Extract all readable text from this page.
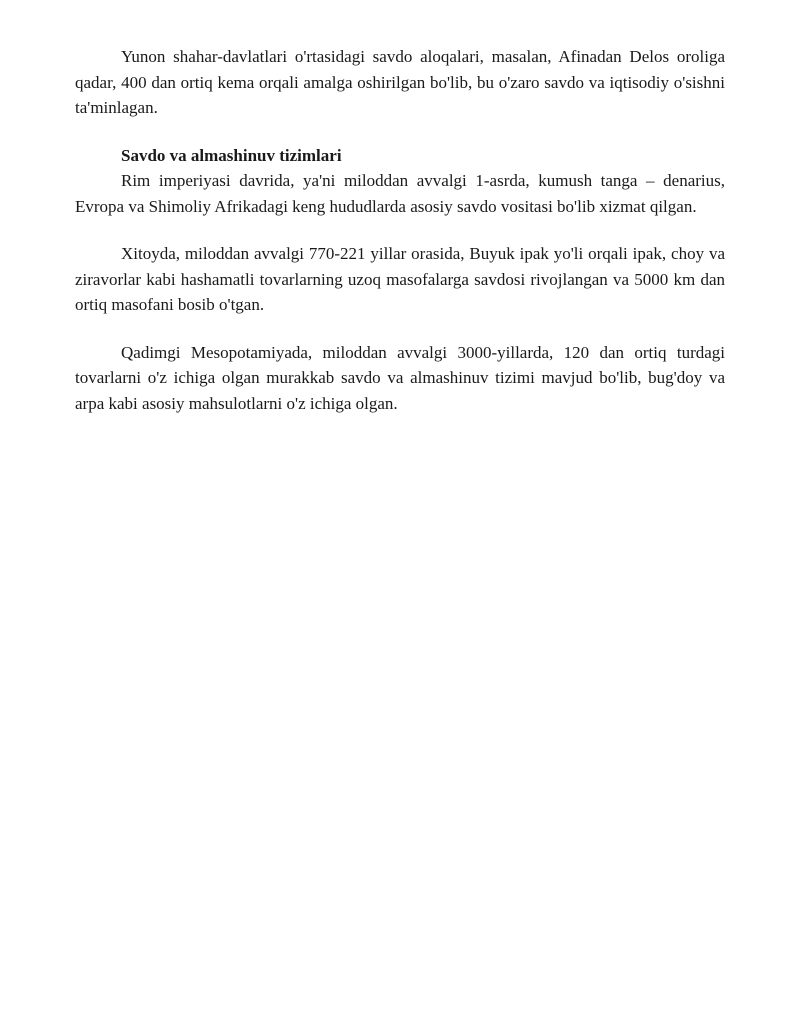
Yunon shahar-davlatlari o'rtasidagi savdo aloqalari, masalan, Afinadan Delos oroliga qadar, 400 dan ortiq kema orqali amalga oshirilgan bo'lib, bu o'zaro savdo va iqtisodiy o'sishni ta'minlagan.

Savdo va almashinuv tizimlari

Rim imperiyasi davrida, ya'ni miloddan avvalgi 1-asrda, kumush tanga – denarius, Evropa va Shimoliy Afrikadagi keng hududlarda asosiy savdo vositasi bo'lib xizmat qilgan.

Xitoyda, miloddan avvalgi 770-221 yillar orasida, Buyuk ipak yo'li orqali ipak, choy va ziravorlar kabi hashamatli tovarlarning uzoq masofalarga savdosi rivojlangan va 5000 km dan ortiq masofani bosib o'tgan.

Qadimgi Mesopotamiyada, miloddan avvalgi 3000-yillarda, 120 dan ortiq turdagi tovarlarni o'z ichiga olgan murakkab savdo va almashinuv tizimi mavjud bo'lib, bug'doy va arpa kabi asosiy mahsulotlarni o'z ichiga olgan.
